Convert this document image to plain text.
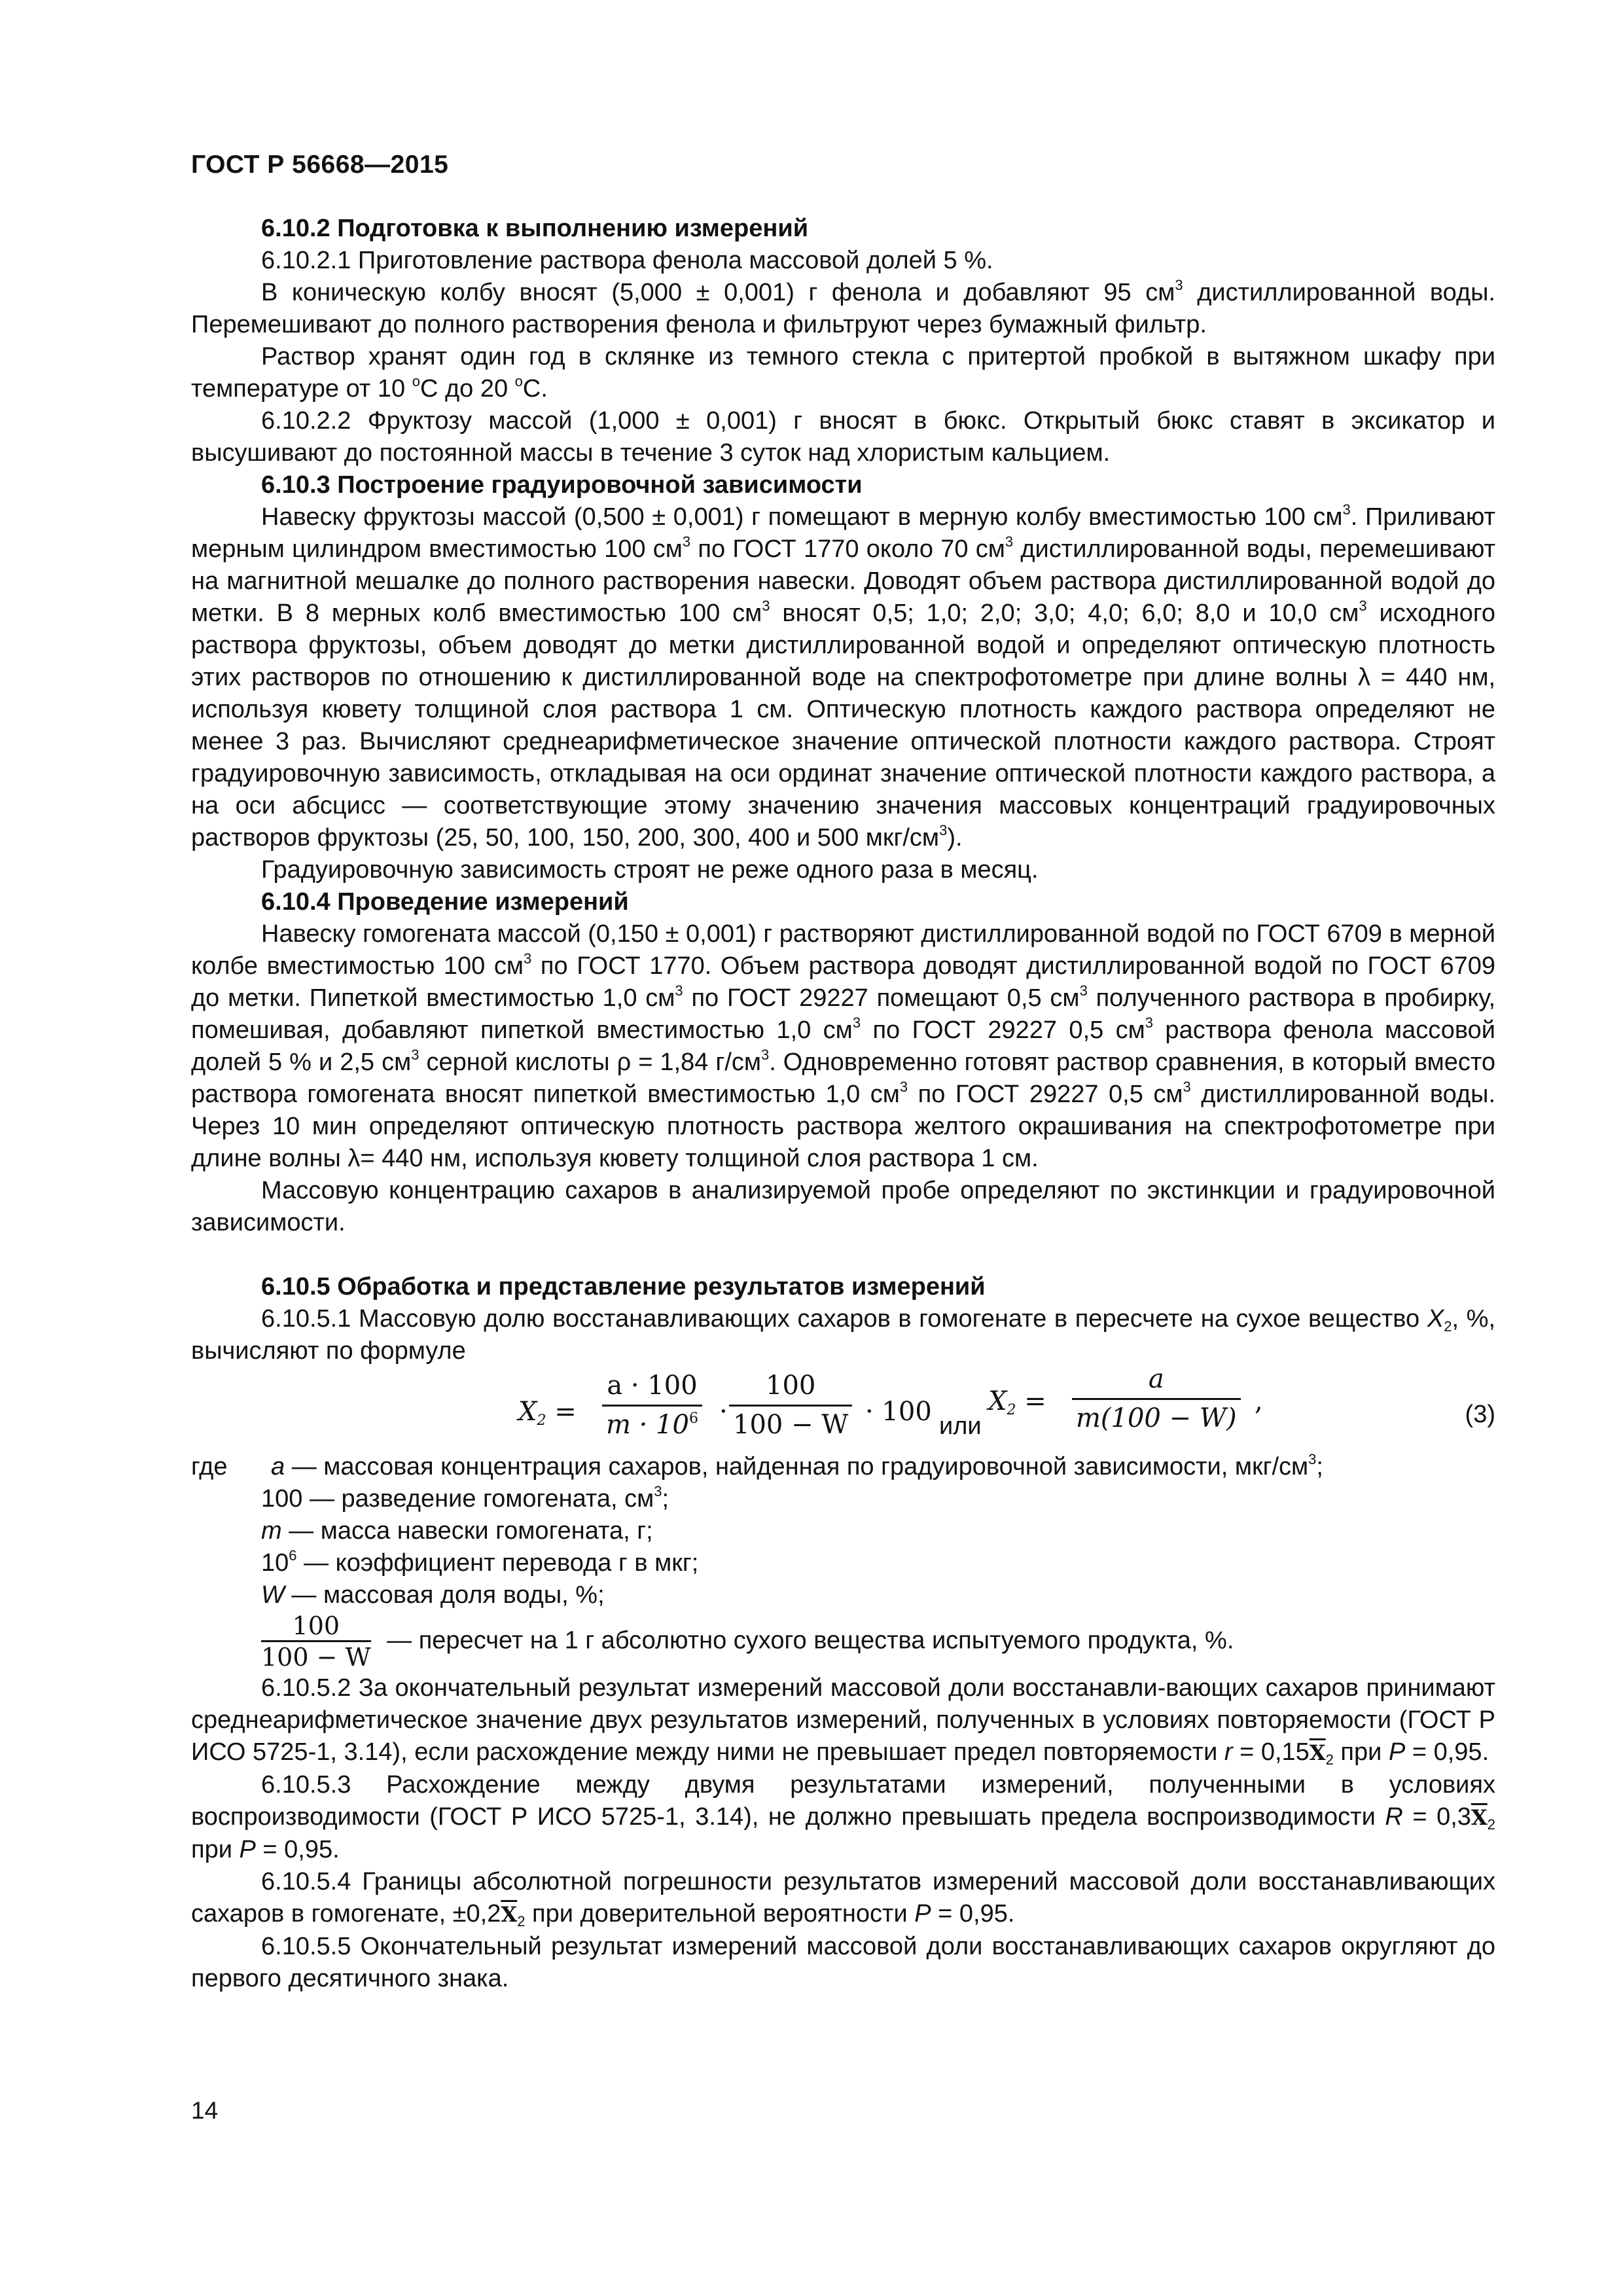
ГОСТ Р 56668—2015

6.10.2 Подготовка к выполнению измерений

6.10.2.1 Приготовление раствора фенола массовой долей 5 %.

В коническую колбу вносят (5,000 ± 0,001) г фенола и добавляют 95 $см^3$ дистиллированной воды. Перемешивают до полного растворения фенола и фильтруют через бумажный фильтр.

Раствор хранят один год в склянке из темного стекла с притертой пробкой в вытяжном шкафу при температуре от 10 $^о$С до 20 $^о$С.

6.10.2.2 Фруктозу массой (1,000 ± 0,001) г вносят в бюкс. Открытый бюкс ставят в эксикатор и высушивают до постоянной массы в течение 3 суток над хлористым кальцием.

6.10.3 Построение градуировочной зависимости

Навеску фруктозы массой (0,500 ± 0,001) г помещают в мерную колбу вместимостью 100 $см^3$. Приливают мерным цилиндром вместимостью 100 $см^3$ по ГОСТ 1770 около 70 $см^3$ дистиллированной воды, перемешивают на магнитной мешалке до полного растворения навески. Доводят объем раствора дистиллированной водой до метки. В 8 мерных колб вместимостью 100 $см^3$ вносят 0,5; 1,0; 2,0; 3,0; 4,0; 6,0; 8,0 и 10,0 $см^3$ исходного раствора фруктозы, объем доводят до метки дистиллированной водой и определяют оптическую плотность этих растворов по отношению к дистиллированной воде на спектрофотометре при длине волны λ = 440 нм, используя кювету толщиной слоя раствора 1 см. Оптическую плотность каждого раствора определяют не менее 3 раз. Вычисляют среднеарифметическое значение оптической плотности каждого раствора. Строят градуировочную зависимость, откладывая на оси ординат значение оптической плотности каждого раствора, а на оси абсцисс — соответствующие этому значению значения массовых концентраций градуировочных растворов фруктозы (25, 50, 100, 150, 200, 300, 400 и 500 мкг/$см^3$).

Градуировочную зависимость строят не реже одного раза в месяц.

6.10.4 Проведение измерений

Навеску гомогената массой (0,150 ± 0,001) г растворяют дистиллированной водой по ГОСТ 6709 в мерной колбе вместимостью 100 $см^3$ по ГОСТ 1770. Объем раствора доводят дистиллированной водой по ГОСТ 6709 до метки. Пипеткой вместимостью 1,0 $см^3$ по ГОСТ 29227 помещают 0,5 $см^3$ полученного раствора в пробирку, помешивая, добавляют пипеткой вместимостью 1,0 $см^3$ по ГОСТ 29227 0,5 $см^3$ раствора фенола массовой долей 5 % и 2,5 $см^3$ серной кислоты ρ = 1,84 $г/см^3$. Одновременно готовят раствор сравнения, в который вместо раствора гомогената вносят пипеткой вместимостью 1,0 $см^3$ по ГОСТ 29227 0,5 $см^3$ дистиллированной воды. Через 10 мин определяют оптическую плотность раствора желтого окрашивания на спектрофотометре при длине волны λ= 440 нм, используя кювету толщиной слоя раствора 1 см.

Массовую концентрацию сахаров в анализируемой пробе определяют по экстинкции и градуировочной зависимости.

6.10.5 Обработка и представление результатов измерений

6.10.5.1 Массовую долю восстанавливающих сахаров в гомогенате в пересчете на сухое вещество $X_2$, %, вычисляют по формуле

$X_2 = \frac{a \cdot 100}{m \cdot 10^6} \cdot \frac{100}{100 - W} \cdot 100$ или
$X_2 = \frac{a}{m(100 - W)}$ ,	(3)

где a — массовая концентрация сахаров, найденная по градуировочной зависимости, мкг/$см^3$;

100 — разведение гомогената, $см^3$;

m — масса навески гомогената, г;

$10^6$ — коэффициент перевода г в мкг;

W — массовая доля воды, %;

$\frac{100}{100 - W}$ — пересчет на 1 г абсолютно сухого вещества испытуемого продукта, %.

6.10.5.2 За окончательный результат измерений массовой доли восстанавли-вающих сахаров принимают среднеарифметическое значение двух результатов измерений, полученных в условиях повторяемости (ГОСТ Р ИСО 5725-1, 3.14), если расхождение между ними не превышает предел повторяемости $r = 0,15\overline{X}_2$ при P = 0,95.

6.10.5.3 Расхождение между двумя результатами измерений, полученными в условиях воспроизводимости (ГОСТ Р ИСО 5725-1, 3.14), не должно превышать предела воспроизводимости $R = 0,3\overline{X}_2$ при P = 0,95.

6.10.5.4 Границы абсолютной погрешности результатов измерений массовой доли восстанавливающих сахаров в гомогенате, $\pm 0,2\overline{X}_2$ при доверительной вероятности P = 0,95.

6.10.5.5 Окончательный результат измерений массовой доли восстанавливающих сахаров округляют до первого десятичного знака.

14
